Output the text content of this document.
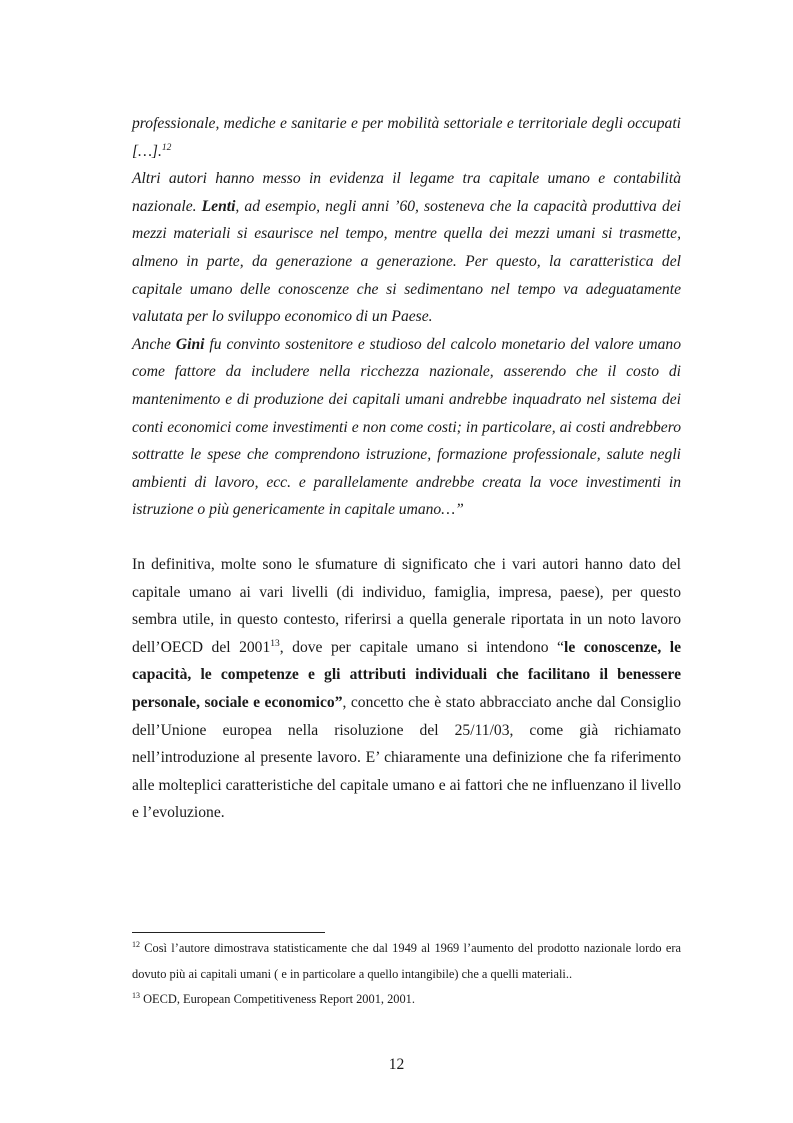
professionale, mediche e sanitarie e per mobilità settoriale e territoriale degli occupati […].$^{12}$

Altri autori hanno messo in evidenza il legame tra capitale umano e contabilità nazionale. Lenti, ad esempio, negli anni ’60, sosteneva che la capacità produttiva dei mezzi materiali si esaurisce nel tempo, mentre quella dei mezzi umani si trasmette, almeno in parte, da generazione a generazione. Per questo, la caratteristica del capitale umano delle conoscenze che si sedimentano nel tempo va adeguatamente valutata per lo sviluppo economico di un Paese.

Anche Gini fu convinto sostenitore e studioso del calcolo monetario del valore umano come fattore da includere nella ricchezza nazionale, asserendo che il costo di mantenimento e di produzione dei capitali umani andrebbe inquadrato nel sistema dei conti economici come investimenti e non come costi; in particolare, ai costi andrebbero sottratte le spese che comprendono istruzione, formazione professionale, salute negli ambienti di lavoro, ecc. e parallelamente andrebbe creata la voce investimenti in istruzione o più genericamente in capitale umano…”

In definitiva, molte sono le sfumature di significato che i vari autori hanno dato del capitale umano ai vari livelli (di individuo, famiglia, impresa, paese), per questo sembra utile, in questo contesto, riferirsi a quella generale riportata in un noto lavoro dell’OECD del 2001$^{13}$, dove per capitale umano si intendono “le conoscenze, le capacità, le competenze e gli attributi individuali che facilitano il benessere personale, sociale e economico”, concetto che è stato abbracciato anche dal Consiglio dell’Unione europea nella risoluzione del 25/11/03, come già richiamato nell’introduzione al presente lavoro. E’ chiaramente una definizione che fa riferimento alle molteplici caratteristiche del capitale umano e ai fattori che ne influenzano il livello e l’evoluzione.

$^{12}$ Così l’autore dimostrava statisticamente che dal 1949 al 1969 l’aumento del prodotto nazionale lordo era dovuto più ai capitali umani ( e in particolare a quello intangibile) che a quelli materiali..

$^{13}$ OECD, European Competitiveness Report 2001, 2001.

12
